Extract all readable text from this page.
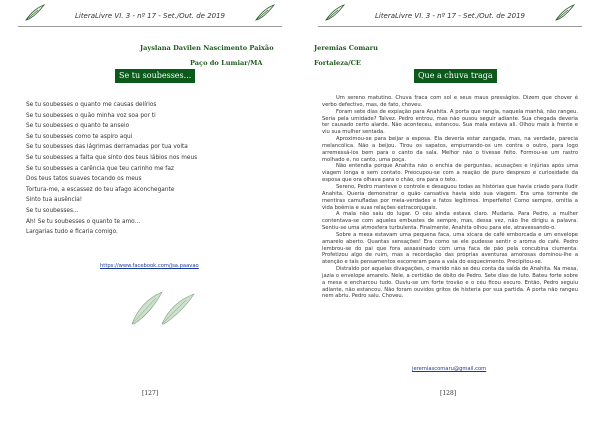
LiteraLivre VI. 3 - nº 17 - Set./Out. de 2019
Jayslana Davilen Nascimento Paixão
Paço do Lumiar/MA
Se tu soubesses...
Se tu soubesses o quanto me causas delírios
Se tu soubesses o quão minha voz soa por ti
Se tu soubesses o quanto te anseio
Se tu soubesses como te aspiro aqui
Se tu soubesses das lágrimas derramadas por tua volta
Se tu soubesses a falta que sinto dos teus lábios nos meus
Se tu soubesses a carência que teu carinho me faz
Dos teus tatos suaves tocando os meus
Tortura-me, a escassez do teu afago aconchegante
Sinto tua ausência!
Se tu soubesses...
Ah! Se tu soubesses o quanto te amo...
Largarias tudo e ficaria comigo.
https://www.facebook.com/jsa.paavao
[127]
LiteraLivre VI. 3 - nº 17 - Set./Out. de 2019
Jeremias Comaru
Fortaleza/CE
Que a chuva traga

Um sereno matutino. Chuva fraca com sol e seus maus presságios. Dizem que chover é verbo defectivo, mas, de fato, choveu.

Foram sete dias de expiação para Anahita. A porta que rangia, naquela manhã, não rangeu. Seria pela umidade? Talvez. Pedro entrou, mas não ousou seguir adiante. Sua chegada deveria ter causado certo alarde. Não aconteceu, estancou. Sua mala estava ali. Olhou mais à frente e viu sua mulher sentada.

Aproximou-se para beijar a esposa. Ela deveria estar zangada, mas, na verdade, parecia melancólica. Não a beijou. Tirou os sapatos, empurrando-os um contra o outro, para logo arremessá-los bem para o canto da sala. Melhor não o tivesse feito. Formou-se um rastro molhado e, no canto, uma poça.

Não entendia porque Anahita não o enchia de perguntas, acusações e injúrias após uma viagem longa e sem contato. Preocupou-se com a reação de puro desprezo e curiosidade da esposa que ora olhava para o chão, ora para o teto.

Sereno, Pedro manteve o controle e desaguou todas as histórias que havia criado para iludir Anahita. Queria demonstrar o quão cansativa havia sido sua viagem. Era uma torrente de mentiras camufladas por meia-verdades e fatos legítimos. Imperfeito! Como sempre, omitia a vida boêmia e suas relações extraconjugais.

A mala não saiu do lugar. O céu ainda estava claro. Mudaria. Para Pedro, a mulher contentava-se com aqueles embustes de sempre, mas, dessa vez, não lhe dirigiu a palavra. Sentiu-se uma atmosfera turbulenta. Finalmente, Anahita olhou para ele, atravessando-o.

Sobre a mesa estavam uma pequena faca, uma xícara de café emborcada e um envelope amarelo aberto. Quantas sensações! Era como se ele pudesse sentir o aroma do café. Pedro lembrou-se do pai que fora assassinado com uma faca de pão pela concubina ciumenta. Profetizou algo de ruim, mas a recordação das próprias aventuras amorosas dominou-lhe a atenção e tais pensamentos escorreram para a vala do esquecimento. Precipitou-se.

Distraído por aquelas divagações, o marido não se deu conta da saída de Anahita. Na mesa, jazia o envelope amarelo. Nele, a certidão de óbito de Pedro. Sete dias de luto. Bateu forte sobre a mesa e encharcou tudo. Ouviu-se um forte trovão e o céu ficou escuro. Então, Pedro seguiu adiante, não estancou. Não foram ouvidos gritos de histeria por sua partida. A porta não rangeu nem abriu. Pedro saiu. Choveu.

jeremiascomaru@gmail.com
[128]
